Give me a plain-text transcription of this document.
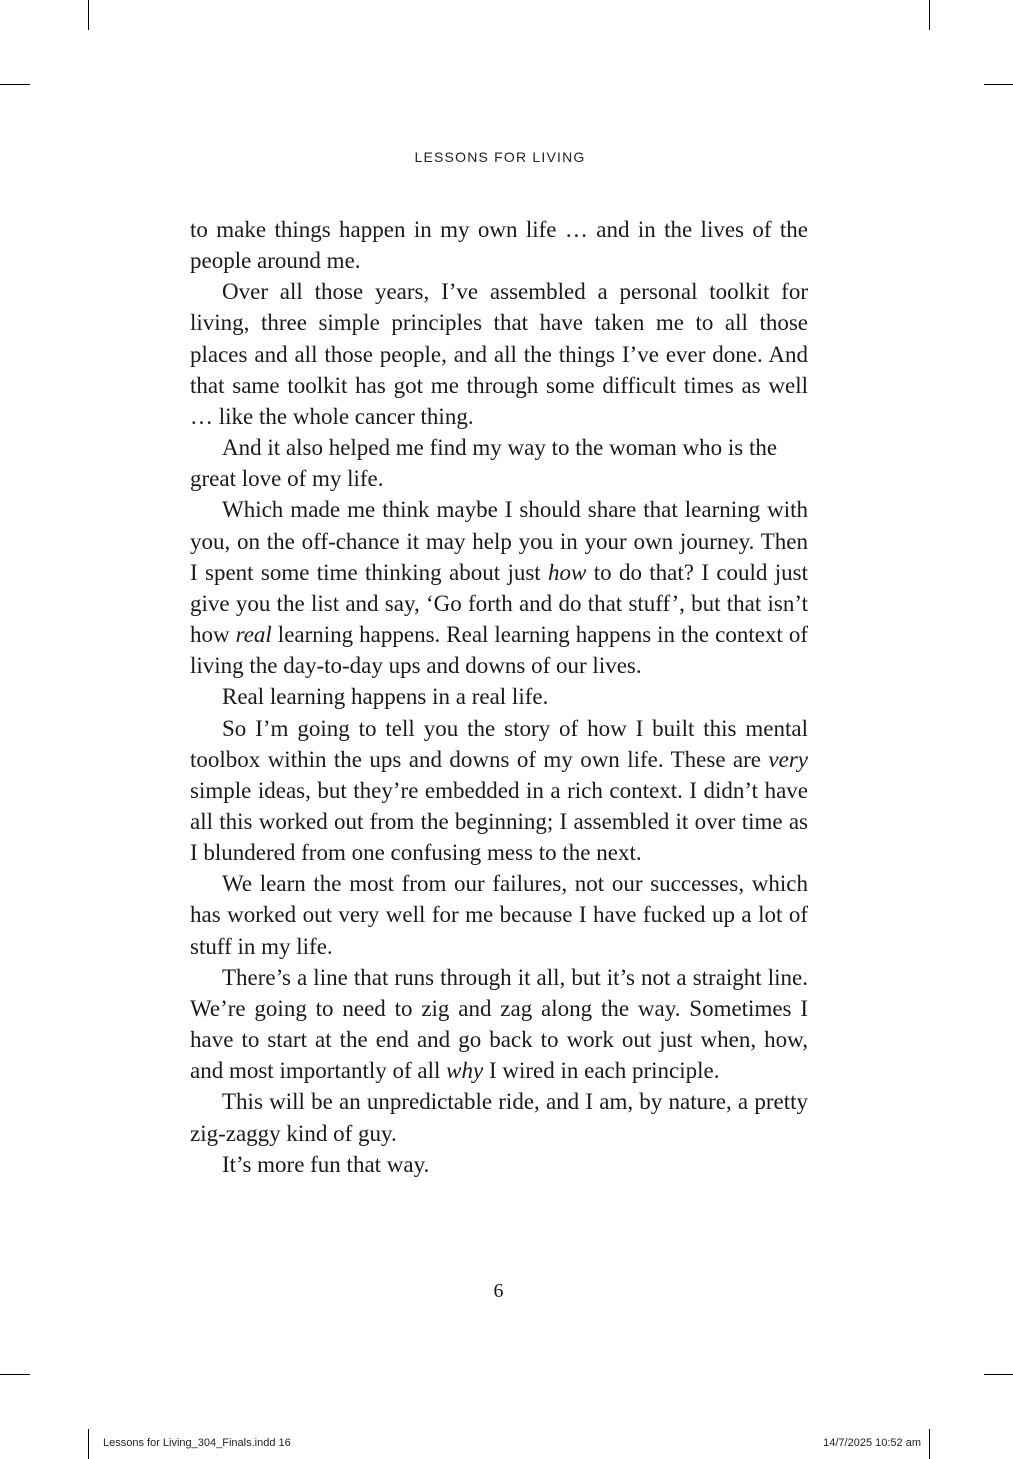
LESSONS FOR LIVING

to make things happen in my own life … and in the lives of the people around me.

Over all those years, I’ve assembled a personal toolkit for living, three simple principles that have taken me to all those places and all those people, and all the things I’ve ever done. And that same toolkit has got me through some difficult times as well … like the whole cancer thing.

And it also helped me find my way to the woman who is the great love of my life.

Which made me think maybe I should share that learning with you, on the off-chance it may help you in your own journey. Then I spent some time thinking about just how to do that? I could just give you the list and say, ‘Go forth and do that stuff’, but that isn’t how real learning happens. Real learning happens in the context of living the day-to-day ups and downs of our lives.

Real learning happens in a real life.

So I’m going to tell you the story of how I built this mental toolbox within the ups and downs of my own life. These are very simple ideas, but they’re embedded in a rich context. I didn’t have all this worked out from the beginning; I assembled it over time as I blundered from one confusing mess to the next.

We learn the most from our failures, not our successes, which has worked out very well for me because I have fucked up a lot of stuff in my life.

There’s a line that runs through it all, but it’s not a straight line. We’re going to need to zig and zag along the way. Sometimes I have to start at the end and go back to work out just when, how, and most importantly of all why I wired in each principle.

This will be an unpredictable ride, and I am, by nature, a pretty zig-zaggy kind of guy.

It’s more fun that way.

6
Lessons for Living_304_Finals.indd 16	14/7/2025 10:52 am
